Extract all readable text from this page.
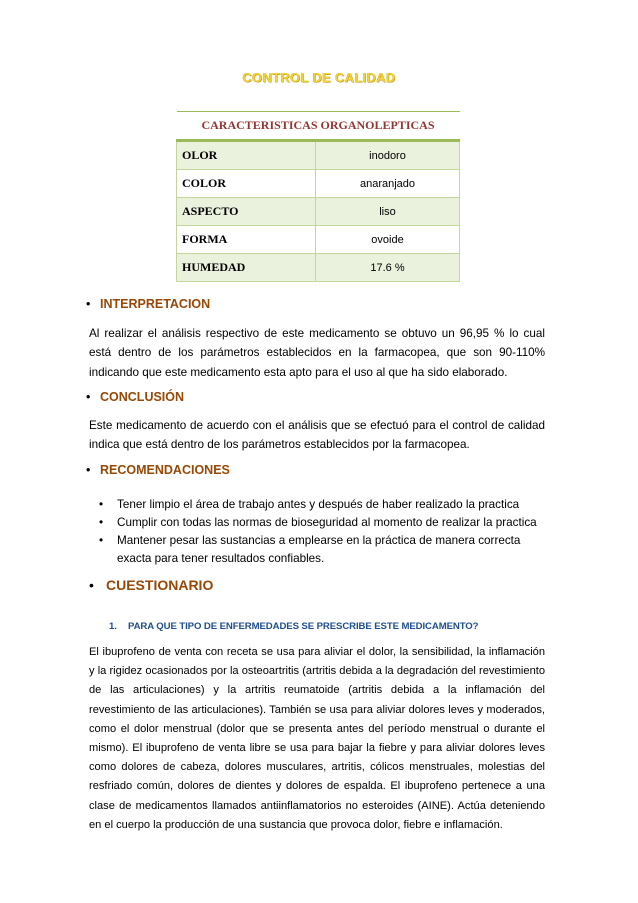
CONTROL DE CALIDAD
CARACTERISTICAS ORGANOLEPTICAS	
OLOR	inodoro
COLOR	anaranjado
ASPECTO	liso
FORMA	ovoide
HUMEDAD	17.6 %
• INTERPRETACION
Al realizar el análisis respectivo de este medicamento se obtuvo un 96,95 % lo cual está dentro de los parámetros establecidos en la farmacopea, que son 90-110% indicando que este medicamento esta apto para el uso al que ha sido elaborado.
• CONCLUSIÓN
Este medicamento de acuerdo con el análisis que se efectuó para el control de calidad indica que está dentro de los parámetros establecidos por la farmacopea.
• RECOMENDACIONES
• Tener limpio el área de trabajo antes y después de haber realizado la practica
• Cumplir con todas las normas de bioseguridad al momento de realizar la practica
• Mantener pesar las sustancias a emplearse en la práctica de manera correcta exacta para tener resultados confiables.
• CUESTIONARIO
1. PARA QUE TIPO DE ENFERMEDADES SE PRESCRIBE ESTE MEDICAMENTO?
El ibuprofeno de venta con receta se usa para aliviar el dolor, la sensibilidad, la inflamación y la rigidez ocasionados por la osteoartritis (artritis debida a la degradación del revestimiento de las articulaciones) y la artritis reumatoide (artritis debida a la inflamación del revestimiento de las articulaciones). También se usa para aliviar dolores leves y moderados, como el dolor menstrual (dolor que se presenta antes del período menstrual o durante el mismo). El ibuprofeno de venta libre se usa para bajar la fiebre y para aliviar dolores leves como dolores de cabeza, dolores musculares, artritis, cólicos menstruales, molestias del resfriado común, dolores de dientes y dolores de espalda. El ibuprofeno pertenece a una clase de medicamentos llamados antiinflamatorios no esteroides (AINE). Actúa deteniendo en el cuerpo la producción de una sustancia que provoca dolor, fiebre e inflamación.
